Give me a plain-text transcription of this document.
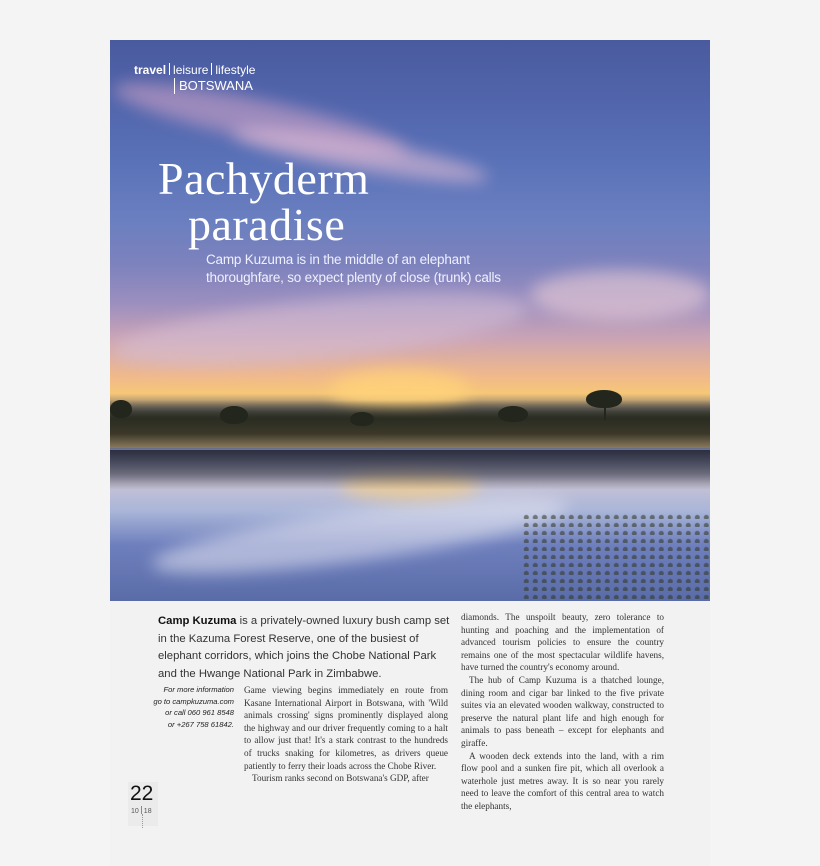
travel leisure lifestyle
BOTSWANA
Pachyderm
paradise
Camp Kuzuma is in the middle of an elephant thoroughfare, so expect plenty of close (trunk) calls
Camp Kuzuma is a privately-owned luxury bush camp set in the Kazuma Forest Reserve, one of the busiest of elephant corridors, which joins the Chobe National Park and the Hwange National Park in Zimbabwe.
For more information
go to campkuzuma.com
or call 060 961 8548
or +267 758 61842.

Game viewing begins immediately en route from Kasane International Airport in Botswana, with 'Wild animals crossing' signs prominently displayed along the highway and our driver frequently coming to a halt to allow just that! It's a stark contrast to the hundreds of trucks snaking for kilometres, as drivers queue patiently to ferry their loads across the Chobe River.

Tourism ranks second on Botswana's GDP, after

diamonds. The unspoilt beauty, zero tolerance to hunting and poaching and the implementation of advanced tourism policies to ensure the country remains one of the most spectacular wildlife havens, have turned the country's economy around.

The hub of Camp Kuzuma is a thatched lounge, dining room and cigar bar linked to the five private suites via an elevated wooden walkway, constructed to preserve the natural plant life and high enough for animals to pass beneath – except for elephants and giraffe.

A wooden deck extends into the land, with a rim flow pool and a sunken fire pit, which all overlook a waterhole just metres away. It is so near you rarely need to leave the comfort of this central area to watch the elephants,

22
10 18
